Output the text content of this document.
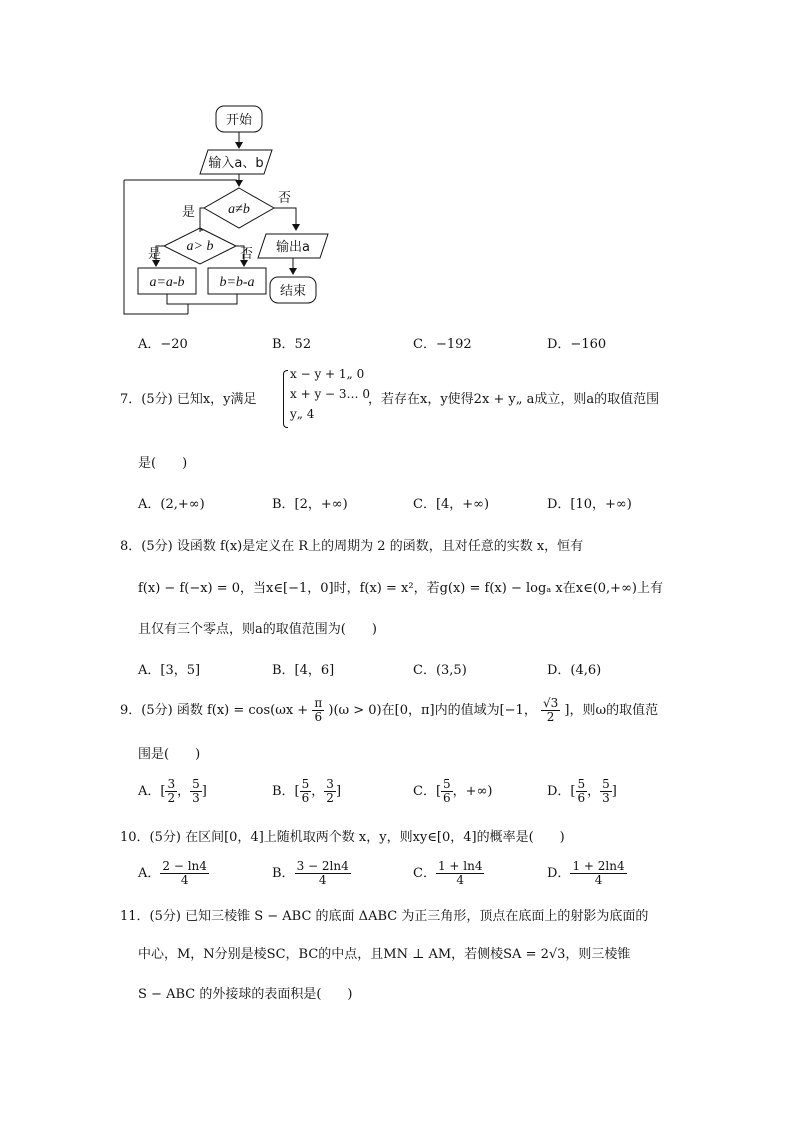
开始
输入a、b
a≠b
是
否
a> b
是	否
a=a-b b=b-a
输出a
结束
A．−20	B．52	C．−192	D．−160
7．(5分) 已知x，y满足
x − y + 1„ 0
x + y − 3… 0
y„ 4
，若存在x，y使得2x + y„ a成立，则a的取值范围
是(　　)
A．(2,+∞)	B．[2，+∞)	C．[4，+∞)	D．[10，+∞)
8．(5分) 设函数 f(x)是定义在 R上的周期为 2 的函数，且对任意的实数 x，恒有
f(x) − f(−x) = 0，当x∈[−1，0]时，f(x) = x²，若g(x) = f(x) − logₐ x在x∈(0,+∞)上有
且仅有三个零点，则a的取值范围为(　　)
A．[3，5]	B．[4，6]	C．(3,5)	D．(4,6)
9．(5分) 函数 $f(x) = \cos(\omega x + \frac{\pi}{6} )(\omega > 0)$在[0，π]内的值域为[−1， $\frac{√3}{2}$ ]，则ω的取值范
围是(　　)
A．[ $\frac{3}{2}$ ， $\frac{5}{3}$ ]	B．[ $\frac{5}{6}$ ， $\frac{3}{2}$ ]	C．[ $\frac{5}{6}$ ，+∞)	D．[ $\frac{5}{6}$ ， $\frac{5}{3}$ ]
10．(5分) 在区间[0，4]上随机取两个数 x，y，则xy∈[0，4]的概率是(　　)
A． $\frac{2 - \ln 4}{4}$	B． $\frac{3 - 2\ln 4}{4}$	C． $\frac{1 + \ln 4}{4}$	D． $\frac{1 + 2\ln 4}{4}$
11．(5分) 已知三棱锥 S − ABC 的底面 ΔABC 为正三角形，顶点在底面上的射影为底面的
中心，M，N分别是棱SC，BC的中点，且MN ⊥ AM，若侧棱SA = 2√3，则三棱锥
S − ABC 的外接球的表面积是(　　)
